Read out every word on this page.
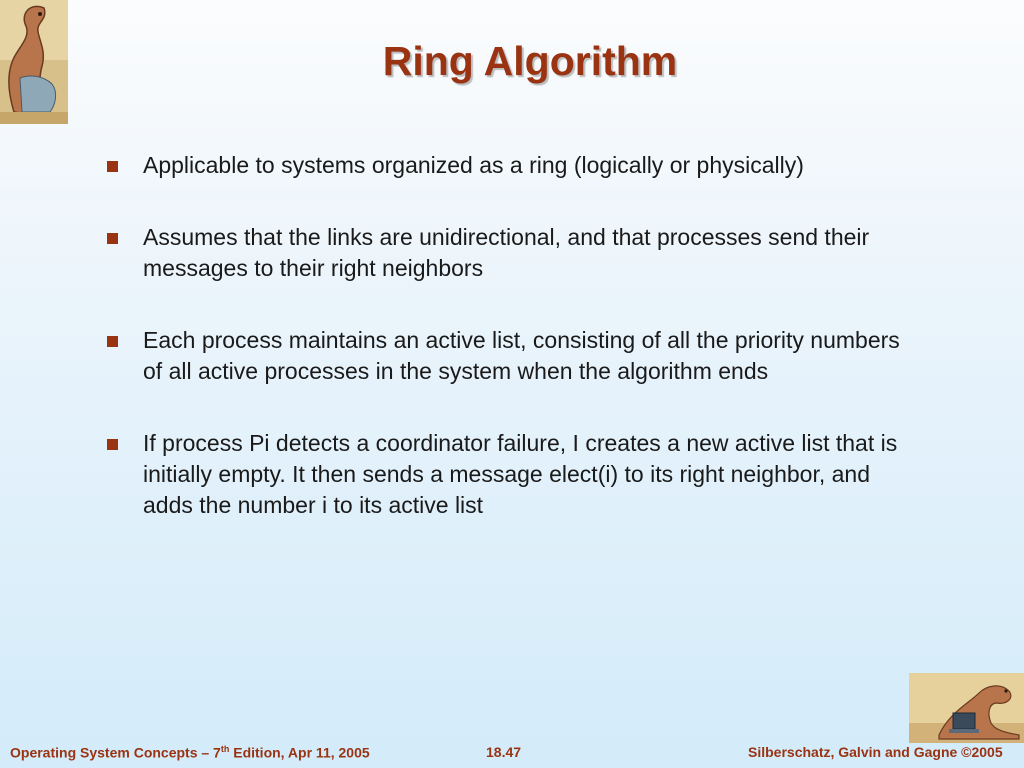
Ring Algorithm
Applicable to systems organized as a ring (logically or physically)
Assumes that the links are unidirectional, and that processes send their messages to their right neighbors
Each process maintains an active list, consisting of all the priority numbers of all active processes in the system when the algorithm ends
If process Pi detects a coordinator failure, I creates a new active list that is initially empty. It then sends a message elect(i) to its right neighbor, and adds the number i to its active list
Operating System Concepts – 7th Edition, Apr 11, 2005	18.47	Silberschatz, Galvin and Gagne ©2005
